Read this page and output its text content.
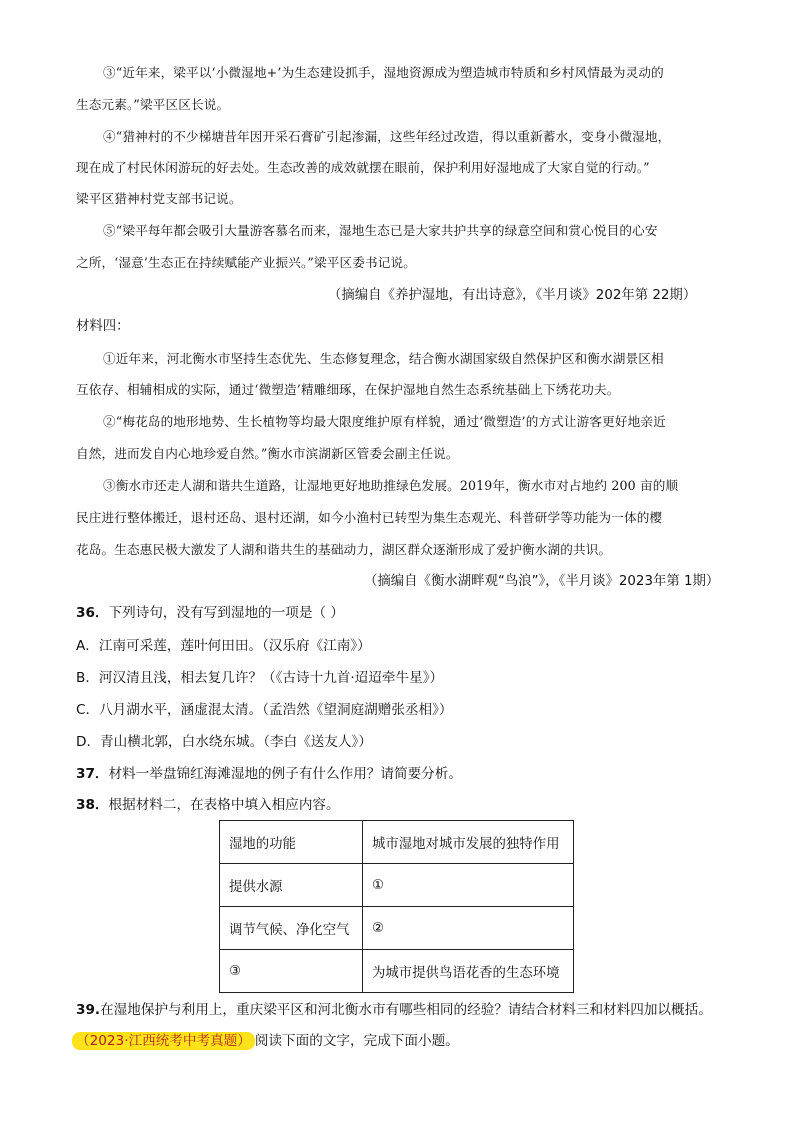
③“近年来，梁平以‘小微湿地+’为生态建设抓手，湿地资源成为塑造城市特质和乡村风情最为灵动的
生态元素。”梁平区区长说。
④“猎神村的不少梯塘昔年因开采石膏矿引起渗漏，这些年经过改造，得以重新蓄水，变身小微湿地，
现在成了村民休闲游玩的好去处。生态改善的成效就摆在眼前，保护利用好湿地成了大家自觉的行动。”
梁平区猎神村党支部书记说。
⑤“梁平每年都会吸引大量游客慕名而来，湿地生态已是大家共护共享的绿意空间和赏心悦目的心安
之所，‘湿意’生态正在持续赋能产业振兴。”梁平区委书记说。
（摘编自《养护湿地，有出诗意》，《半月谈》202年第 22期）
材料四：
①近年来，河北衡水市坚持生态优先、生态修复理念，结合衡水湖国家级自然保护区和衡水湖景区相
互依存、相辅相成的实际，通过‘微塑造’精雕细琢，在保护湿地自然生态系统基础上下绣花功夫。
②“梅花岛的地形地势、生长植物等均最大限度维护原有样貌，通过‘微塑造’的方式让游客更好地亲近
自然，进而发自内心地珍爱自然。”衡水市滨湖新区管委会副主任说。
③衡水市还走人湖和谐共生道路，让湿地更好地助推绿色发展。2019年，衡水市对占地约 200 亩的顺
民庄进行整体搬迁，退村还岛、退村还湖，如今小渔村已转型为集生态观光、科普研学等功能为一体的樱
花岛。生态惠民极大激发了人湖和谐共生的基础动力，湖区群众逐渐形成了爱护衡水湖的共识。
（摘编自《衡水湖畔观“鸟浪”》，《半月谈》2023年第 1期）
36．下列诗句，没有写到湿地的一项是（ ）
A．江南可采莲，莲叶何田田。（汉乐府《江南》）
B．河汉清且浅，相去复几许？（《古诗十九首·迢迢牵牛星》）
C．八月湖水平，涵虚混太清。（孟浩然《望洞庭湖赠张丞相》）
D．青山横北郭，白水绕东城。（李白《送友人》）
37．材料一举盘锦红海滩湿地的例子有什么作用？请简要分析。
38．根据材料二，在表格中填入相应内容。
湿地的功能	城市湿地对城市发展的独特作用
提供水源	①
调节气候、净化空气	②
③	为城市提供鸟语花香的生态环境
39.在湿地保护与利用上，重庆梁平区和河北衡水市有哪些相同的经验？请结合材料三和材料四加以概括。
（2023·江西统考中考真题） 阅读下面的文字，完成下面小题。
